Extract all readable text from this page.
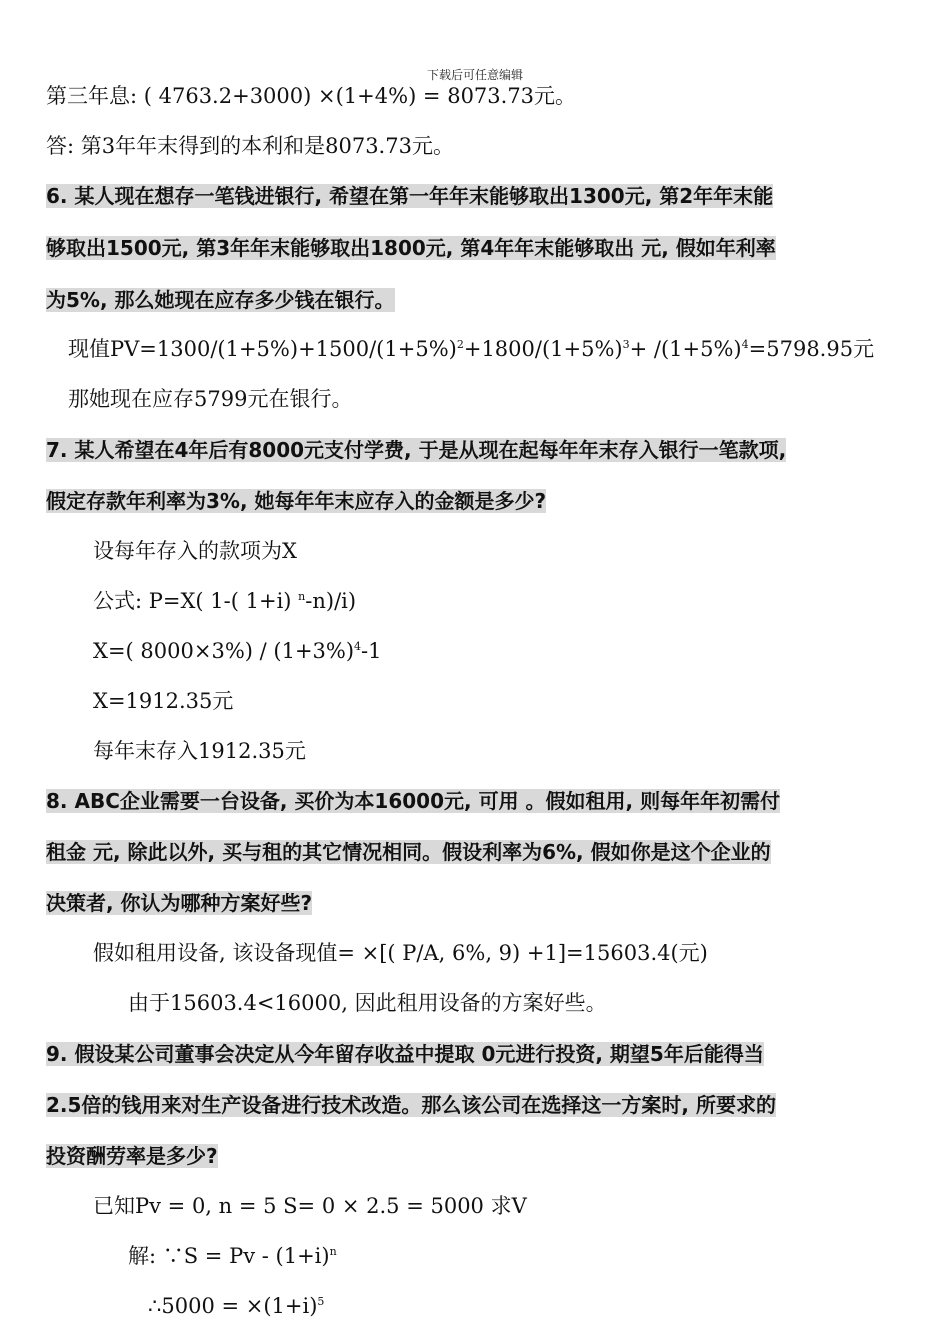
下载后可任意编辑
第三年息: ( 4763.2+3000) ×(1+4%) = 8073.73元。
答: 第3年年末得到的本利和是8073.73元。
6. 某人现在想存一笔钱进银行, 希望在第一年年末能够取出1300元, 第2年年末能
够取出1500元, 第3年年末能够取出1800元, 第4年年末能够取出 元, 假如年利率
为5%, 那么她现在应存多少钱在银行。
现值$PV=1300/(1+5\%)+1500/(1+5\%)^2+1800/(1+5\%)^3+ /(1+5\%)^4=5798.95$元
那她现在应存5799元在银行。
7. 某人希望在4年后有8000元支付学费, 于是从现在起每年年末存入银行一笔款项,
假定存款年利率为3%, 她每年年末应存入的金额是多少?
设每年存入的款项为X
公式: P=X( 1-( 1+i) $^n$-n)/i)
X=( $8000\times 3\%) / (1+3\%)^4-1$
X=1912.35元
每年末存入1912.35元
8. ABC企业需要一台设备, 买价为本16000元, 可用 。假如租用, 则每年年初需付
租金 元, 除此以外, 买与租的其它情况相同。假设利率为6%, 假如你是这个企业的
决策者, 你认为哪种方案好些?
假如租用设备, 该设备现值= ×[( P/A, 6%, 9) +1]=15603.4(元)
由于15603.4<16000, 因此租用设备的方案好些。
9. 假设某公司董事会决定从今年留存收益中提取 0元进行投资, 期望5年后能得当
2.5倍的钱用来对生产设备进行技术改造。那么该公司在选择这一方案时, 所要求的
投资酬劳率是多少?
已知Pv = 0, n = 5 S= 0 × 2.5 = 5000 求V
解: ∵S = $Pv - (1+i)^n$
∴5000 = $\times(1+i)^5$
